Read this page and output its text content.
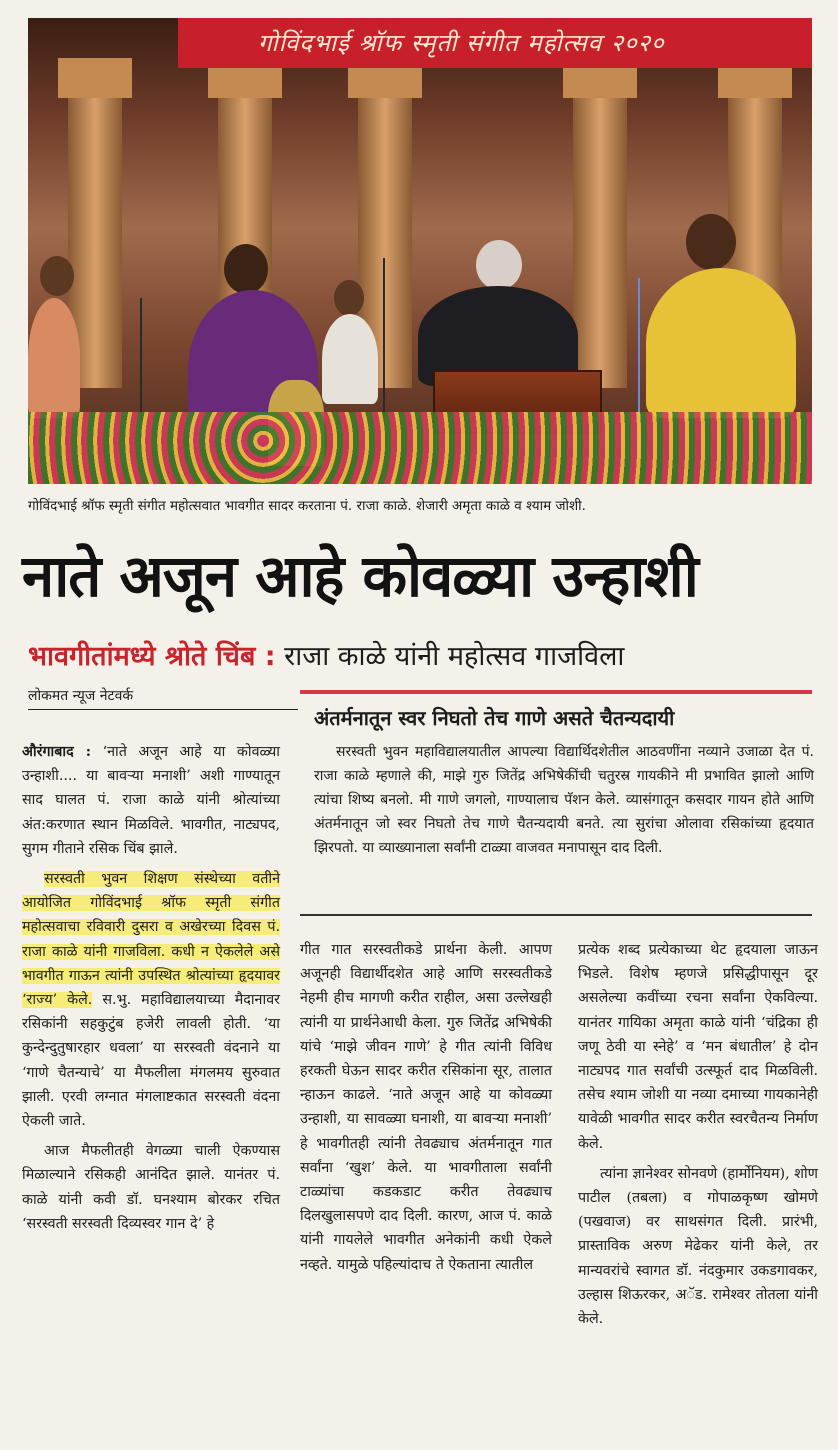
गोविंदभाई श्रॉफ स्मृती संगीत महोत्सव २०२०
गोविंदभाई श्रॉफ स्मृती संगीत महोत्सवात भावगीत सादर करताना पं. राजा काळे. शेजारी अमृता काळे व श्याम जोशी.
नाते अजून आहे कोवळ्या उन्हाशी
भावगीतांमध्ये श्रोते चिंब : राजा काळे यांनी महोत्सव गाजविला
लोकमत न्यूज नेटवर्क
अंतर्मनातून स्वर निघतो तेच गाणे असते चैतन्यदायी
सरस्वती भुवन महाविद्यालयातील आपल्या विद्यार्थिदशेतील आठवणींना नव्याने उजाळा देत पं. राजा काळे म्हणाले की, माझे गुरु जितेंद्र अभिषेकींची चतुरस्र गायकीने मी प्रभावित झालो आणि त्यांचा शिष्य बनलो. मी गाणे जगलो, गाण्यालाच पॅशन केले. व्यासंगातून कसदार गायन होते आणि अंतर्मनातून जो स्वर निघतो तेच गाणे चैतन्यदायी बनते. त्या सुरांचा ओलावा रसिकांच्या हृदयात झिरपतो. या व्याख्यानाला सर्वांनी टाळ्या वाजवत मनापासून दाद दिली.

औरंगाबाद : ‘नाते अजून आहे या कोवळ्या उन्हाशी.... या बावऱ्या मनाशी’ अशी गाण्यातून साद घालत पं. राजा काळे यांनी श्रोत्यांच्या अंत:करणात स्थान मिळविले. भावगीत, नाट्यपद, सुगम गीताने रसिक चिंब झाले.

सरस्वती भुवन शिक्षण संस्थेच्या वतीने आयोजित गोविंदभाई श्रॉफ स्मृती संगीत महोत्सवाचा रविवारी दुसरा व अखेरच्या दिवस पं. राजा काळे यांनी गाजविला. कधी न ऐकलेले असे भावगीत गाऊन त्यांनी उपस्थित श्रोत्यांच्या हृदयावर ‘राज्य’ केले. स.भु. महाविद्यालयाच्या मैदानावर रसिकांनी सहकुटुंब हजेरी लावली होती. ‘या कुन्देन्दुतुषारहार धवला’ या सरस्वती वंदनाने या ‘गाणे चैतन्याचे’ या मैफलीला मंगलमय सुरुवात झाली. एरवी लग्नात मंगलाष्टकात सरस्वती वंदना ऐकली जाते.

आज मैफलीतही वेगळ्या चाली ऐकण्यास मिळाल्याने रसिकही आनंदित झाले. यानंतर पं. काळे यांनी कवी डॉ. घनश्याम बोरकर रचित ‘सरस्वती सरस्वती दिव्यस्वर गान दे’ हे

गीत गात सरस्वतीकडे प्रार्थना केली. आपण अजूनही विद्यार्थीदशेत आहे आणि सरस्वतीकडे नेहमी हीच मागणी करीत राहील, असा उल्लेखही त्यांनी या प्रार्थनेआधी केला. गुरु जितेंद्र अभिषेकी यांचे ‘माझे जीवन गाणे’ हे गीत त्यांनी विविध हरकती घेऊन सादर करीत रसिकांना सूर, तालात न्हाऊन काढले. ‘नाते अजून आहे या कोवळ्या उन्हाशी, या सावळ्या घनाशी, या बावऱ्या मनाशी’ हे भावगीतही त्यांनी तेवढ्याच अंतर्मनातून गात सर्वांना ‘खुश’ केले. या भावगीताला सर्वांनी टाळ्यांचा कडकडाट करीत तेवढ्याच दिलखुलासपणे दाद दिली. कारण, आज पं. काळे यांनी गायलेले भावगीत अनेकांनी कधी ऐकले नव्हते. यामुळे पहिल्यांदाच ते ऐकताना त्यातील

प्रत्येक शब्द प्रत्येकाच्या थेट हृदयाला जाऊन भिडले. विशेष म्हणजे प्रसिद्धीपासून दूर असलेल्या कवींच्या रचना सर्वांना ऐकविल्या. यानंतर गायिका अमृता काळे यांनी ‘चंद्रिका ही जणू ठेवी या स्नेहे’ व ‘मन बंधातील’ हे दोन नाट्यपद गात सर्वांची उत्स्फूर्त दाद मिळविली. तसेच श्याम जोशी या नव्या दमाच्या गायकानेही यावेळी भावगीत सादर करीत स्वरचैतन्य निर्माण केले.

त्यांना ज्ञानेश्वर सोनवणे (हार्मोनियम), शोण पाटील (तबला) व गोपाळकृष्ण खोमणे (पखवाज) वर साथसंगत दिली. प्रारंभी, प्रास्ताविक अरुण मेढेकर यांनी केले, तर मान्यवरांचे स्वागत डॉ. नंदकुमार उकडगावकर, उल्हास शिऊरकर, अॅड. रामेश्वर तोतला यांनी केले.
